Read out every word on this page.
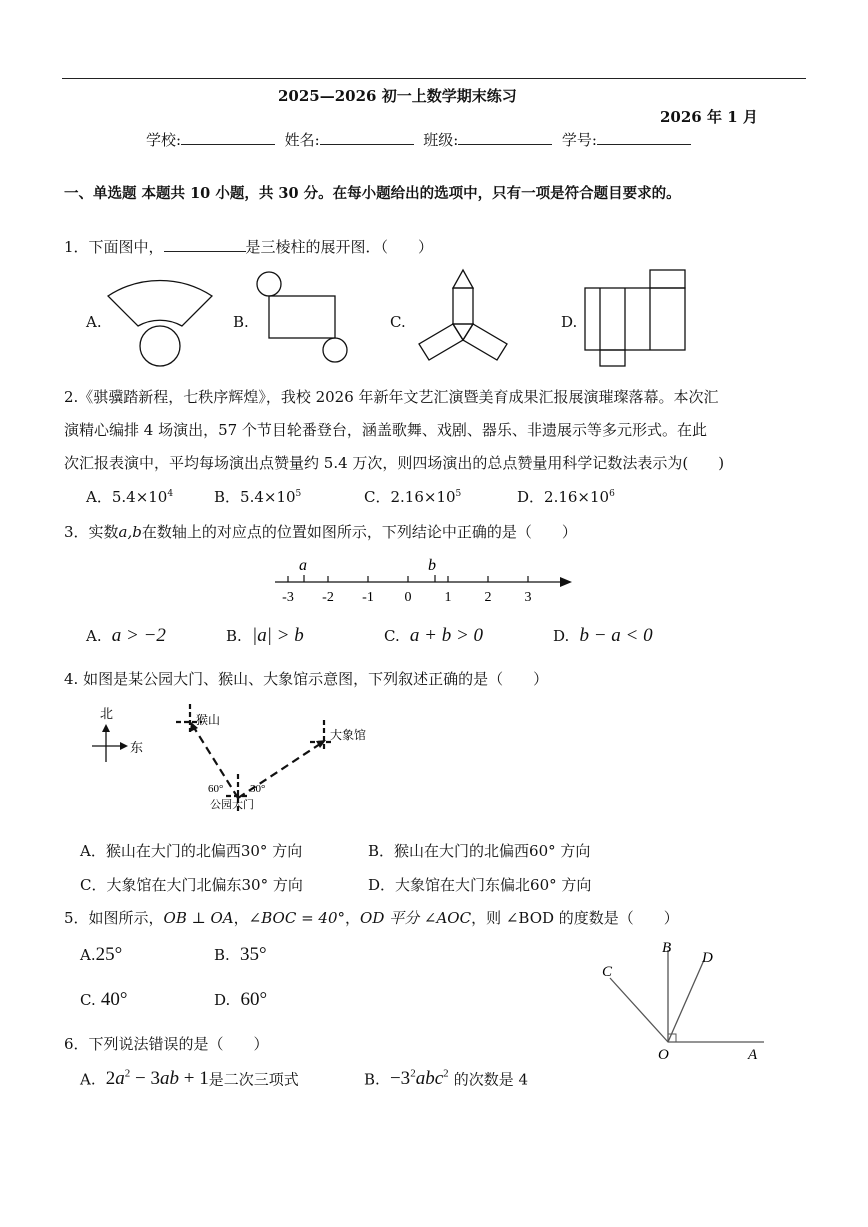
2025—2026 初一上数学期末练习
2026 年 1 月
学校:	姓名:	班级:	学号:
一、单选题 本题共 10 小题，共 30 分。在每小题给出的选项中，只有一项是符合题目要求的。
1．下面图中，	是三棱柱的展开图．（　　）
A.	B.	C.	D.
2.《骐骥踏新程，七秩序辉煌》，我校 2026 年新年文艺汇演暨美育成果汇报展演璀璨落幕。本次汇
演精心编排 4 场演出，57 个节目轮番登台，涵盖歌舞、戏剧、器乐、非遗展示等多元形式。在此
次汇报表演中，平均每场演出点赞量约 5.4 万次，则四场演出的总点赞量用科学记数法表示为(　　)
A．$5.4\times 10^4$	B．$5.4\times 10^5$	C．$2.16\times 10^5$	D．$2.16\times 10^6$
3．实数a,b在数轴上的对应点的位置如图所示，下列结论中正确的是（　　）
-3 -2 -1 0 1 2 3
a	b
A. a > −2	B. |a| > b	C. a + b > 0	D. b − a < 0
4. 如图是某公园大门、猴山、大象馆示意图，下列叙述正确的是（　　）
北
东
猴山
大象馆
60° 30°
公园大门
A．猴山在大门的北偏西30° 方向	B．猴山在大门的北偏西60° 方向
C．大象馆在大门北偏东30° 方向	D．大象馆在大门东偏北60° 方向
5．如图所示，OB ⊥ OA，∠BOC = 40°，OD 平分 ∠AOC，则 ∠BOD 的度数是（　　）
A.25°	B. 35°
C. 40°	D. 60°
O	A
B
C
D
6．下列说法错误的是（　　）
A. $2a^2 - 3ab + 1$是二次三项式	B. $-3^2abc^2$ 的次数是 4
